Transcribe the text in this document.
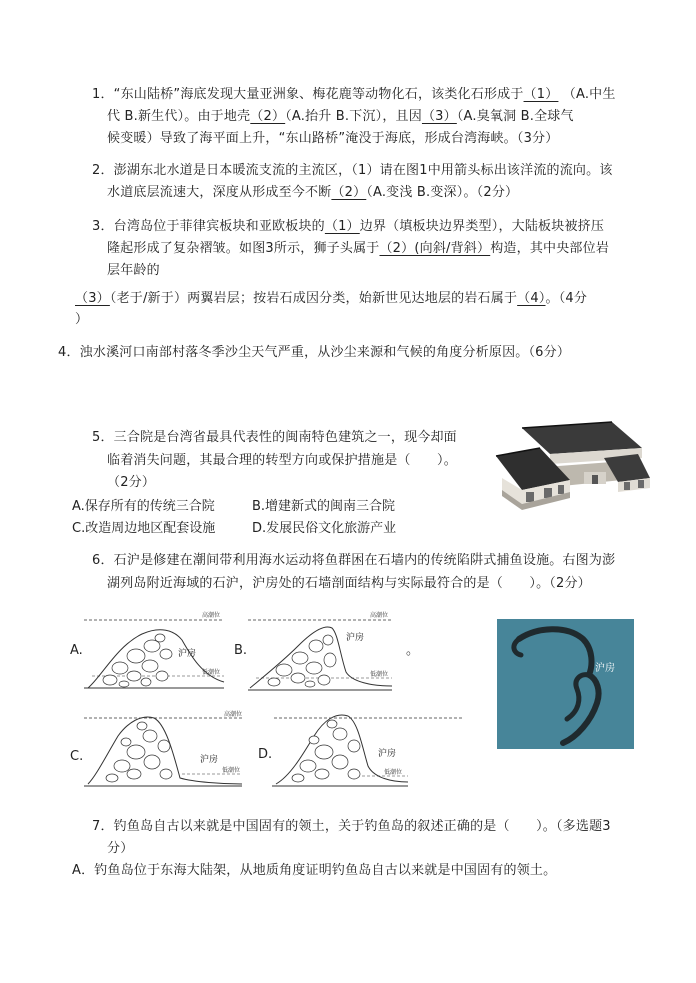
1．“东山陆桥”海底发现大量亚洲象、梅花鹿等动物化石，该类化石形成于（1） （A.中生
代 B.新生代）。由于地壳（2）（A.抬升 B.下沉），且因（3）（A.臭氧洞 B.全球气
候变暖）导致了海平面上升，“东山路桥”淹没于海底，形成台湾海峡。（3分）
2．澎湖东北水道是日本暖流支流的主流区，（1）请在图1中用箭头标出该洋流的流向。该
水道底层流速大，深度从形成至今不断（2）（A.变浅 B.变深）。（2分）
3．台湾岛位于菲律宾板块和亚欧板块的（1）边界（填板块边界类型），大陆板块被挤压
隆起形成了复杂褶皱。如图3所示，狮子头属于（2）(向斜/背斜）构造，其中央部位岩
层年龄的
（3）（老于/新于）两翼岩层；按岩石成因分类，始新世见达地层的岩石属于（4）。（4分
）
4．浊水溪河口南部村落冬季沙尘天气严重，从沙尘来源和气候的角度分析原因。（6分）
5．三合院是台湾省最具代表性的闽南特色建筑之一，现今却面
临着消失问题，其最合理的转型方向或保护措施是（　　）。
（2分）
A.保存所有的传统三合院	B.增建新式的闽南三合院
C.改造周边地区配套设施	D.发展民俗文化旅游产业
6．石沪是修建在潮间带利用海水运动将鱼群困在石墙内的传统陷阱式捕鱼设施。右图为澎
湖列岛附近海域的石沪，沪房处的石墙剖面结构与实际最符合的是（　　）。（2分）
A.
高潮位
低潮位
沪房	B.
高潮位
低潮位
沪房
。
C.
高潮位
低潮位
沪房	D.
低潮位
沪房
沪房
7．钓鱼岛自古以来就是中国固有的领土，关于钓鱼岛的叙述正确的是（　　）。（多选题3
分）
A．钓鱼岛位于东海大陆架，从地质角度证明钓鱼岛自古以来就是中国固有的领土。
